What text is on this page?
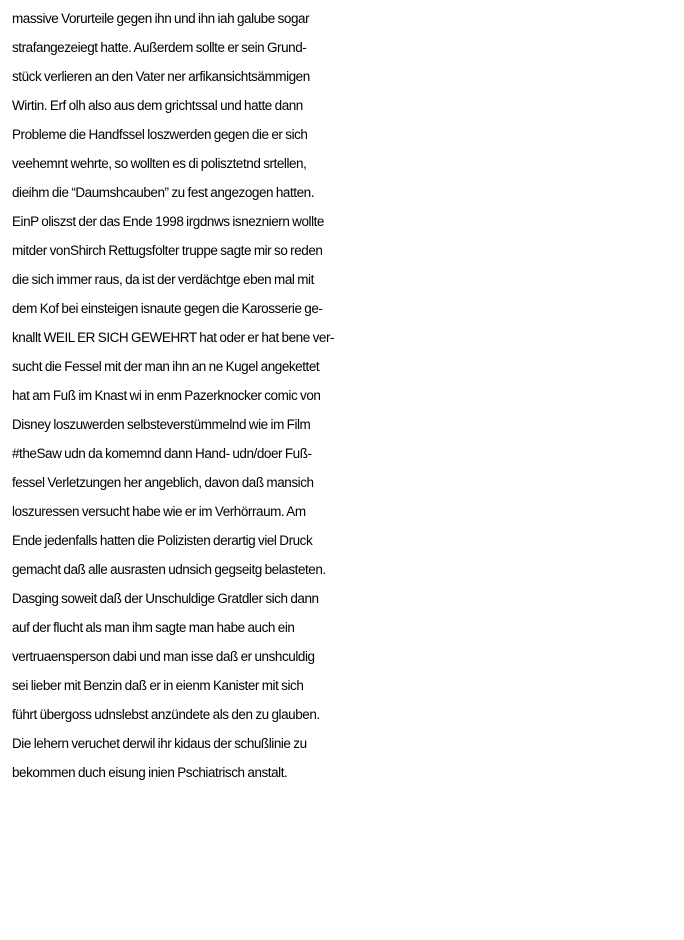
massive Vorurteile gegen ihn und ihn iah galube sogar
strafangezeiegt hatte. Außerdem sollte er sein Grund-
stück verlieren an den Vater ner arfikansichtsämmigen
Wirtin. Erf olh also aus dem grichtssal und hatte dann
Probleme die Handfssel loszwerden gegen die er sich
veehemnt wehrte, so wollten es di polisztetnd srtellen,
dieihm die “Daumshcauben” zu fest angezogen hatten.
EinP oliszst der das Ende 1998 irgdnws isnezniern wollte
mitder vonShirch Rettugsfolter truppe sagte mir so reden
die sich immer raus, da ist der verdächtge eben mal mit
dem Kof bei einsteigen isnaute gegen die Karosserie ge-
knallt WEIL ER SICH GEWEHRT hat oder er hat bene ver-
sucht die Fessel mit der man ihn an ne Kugel angekettet
hat am Fuß im Knast wi in enm Pazerknocker comic von
Disney loszuwerden selbsteverstümmelnd wie im Film
#theSaw udn da komemnd dann Hand- udn/doer Fuß-
fessel Verletzungen her angeblich, davon daß mansich
loszuressen versucht habe wie er im Verhörraum. Am
Ende jedenfalls hatten die Polizisten derartig viel Druck
gemacht daß alle ausrasten udnsich gegseitg belasteten.
Dasging soweit daß der Unschuldige Gratdler sich dann
auf der flucht als man ihm sagte man habe auch ein
vertruaensperson dabi und man isse daß er unshculdig
sei lieber mit Benzin daß er in eienm Kanister mit sich
führt übergoss udnslebst anzündete als den zu glauben.
Die lehern veruchet derwil ihr kidaus der schußlinie zu
bekommen duch eisung inien Pschiatrisch anstalt.
